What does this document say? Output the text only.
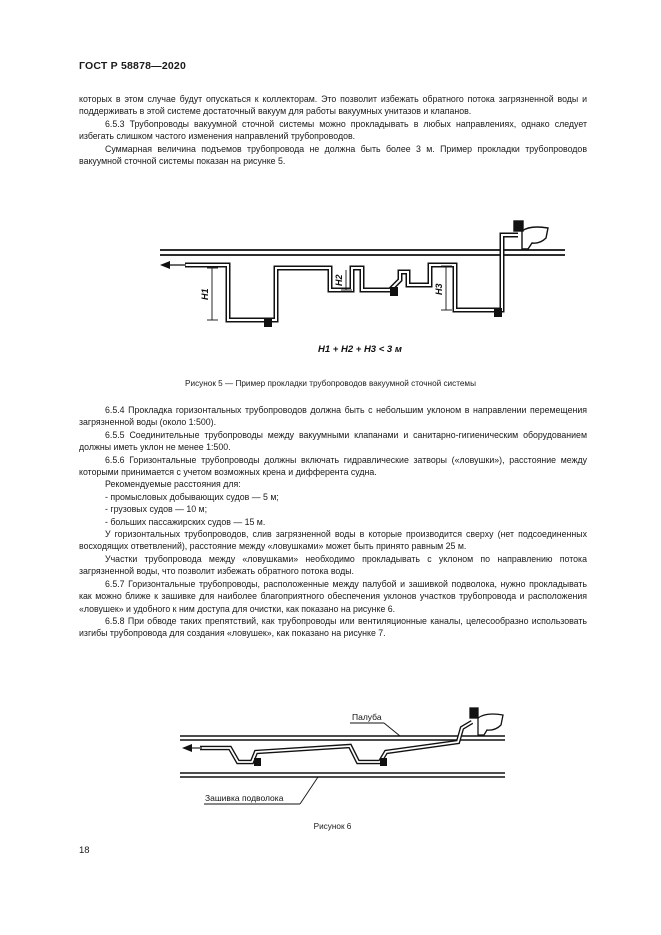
ГОСТ Р 58878—2020

которых в этом случае будут опускаться к коллекторам. Это позволит избежать обратного потока загрязненной воды и поддерживать в этой системе достаточный вакуум для работы вакуумных унитазов и клапанов.

6.5.3 Трубопроводы вакуумной сточной системы можно прокладывать в любых направлениях, однако следует избегать слишком частого изменения направлений трубопроводов.

Суммарная величина подъемов трубопровода не должна быть более 3 м. Пример прокладки трубопроводов вакуумной сточной системы показан на рисунке 5.

H1
H2
H3
H1 + H2 + H3 < 3 м
Рисунок 5 — Пример прокладки трубопроводов вакуумной сточной системы

6.5.4 Прокладка горизонтальных трубопроводов должна быть с небольшим уклоном в направлении перемещения загрязненной воды (около 1:500).

6.5.5 Соединительные трубопроводы между вакуумными клапанами и санитарно-гигиеническим оборудованием должны иметь уклон не менее 1:500.

6.5.6 Горизонтальные трубопроводы должны включать гидравлические затворы («ловушки»), расстояние между которыми принимается с учетом возможных крена и дифферента судна.

Рекомендуемые расстояния для:

- промысловых добывающих судов — 5 м;

- грузовых судов — 10 м;

- больших пассажирских судов — 15 м.

У горизонтальных трубопроводов, слив загрязненной воды в которые производится сверху (нет подсоединенных восходящих ответвлений), расстояние между «ловушками» может быть принято равным 25 м.

Участки трубопровода между «ловушками» необходимо прокладывать с уклоном по направлению потока загрязненной воды, что позволит избежать обратного потока воды.

6.5.7 Горизонтальные трубопроводы, расположенные между палубой и зашивкой подволока, нужно прокладывать как можно ближе к зашивке для наиболее благоприятного обеспечения уклонов участков трубопровода и расположения «ловушек» и удобного к ним доступа для очистки, как показано на рисунке 6.

6.5.8 При обводе таких препятствий, как трубопроводы или вентиляционные каналы, целесообразно использовать изгибы трубопровода для создания «ловушек», как показано на рисунке 7.

Палуба
Зашивка подволока
Рисунок 6
18
